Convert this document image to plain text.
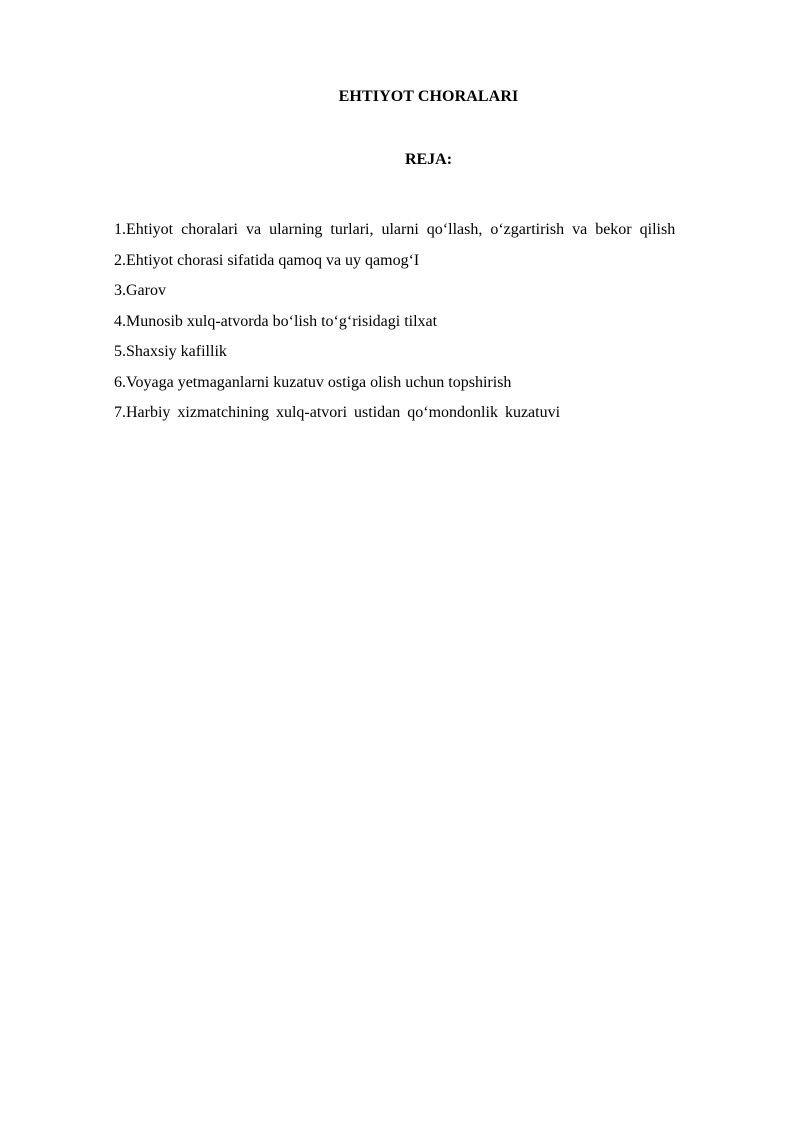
EHTIYOT CHORALARI
REJA:
1.Ehtiyot choralari va ularning turlari, ularni qo‘llash, o‘zgartirish va bekor qilish
2.Ehtiyot chorasi sifatida qamoq va uy qamog‘I
3.Garov
4.Munosib xulq-atvorda bo‘lish to‘g‘risidagi tilxat
5.Shaxsiy kafillik
6.Voyaga yetmaganlarni kuzatuv ostiga olish uchun topshirish
7.Harbiy xizmatchining xulq-atvori ustidan qo‘mondonlik kuzatuvi
